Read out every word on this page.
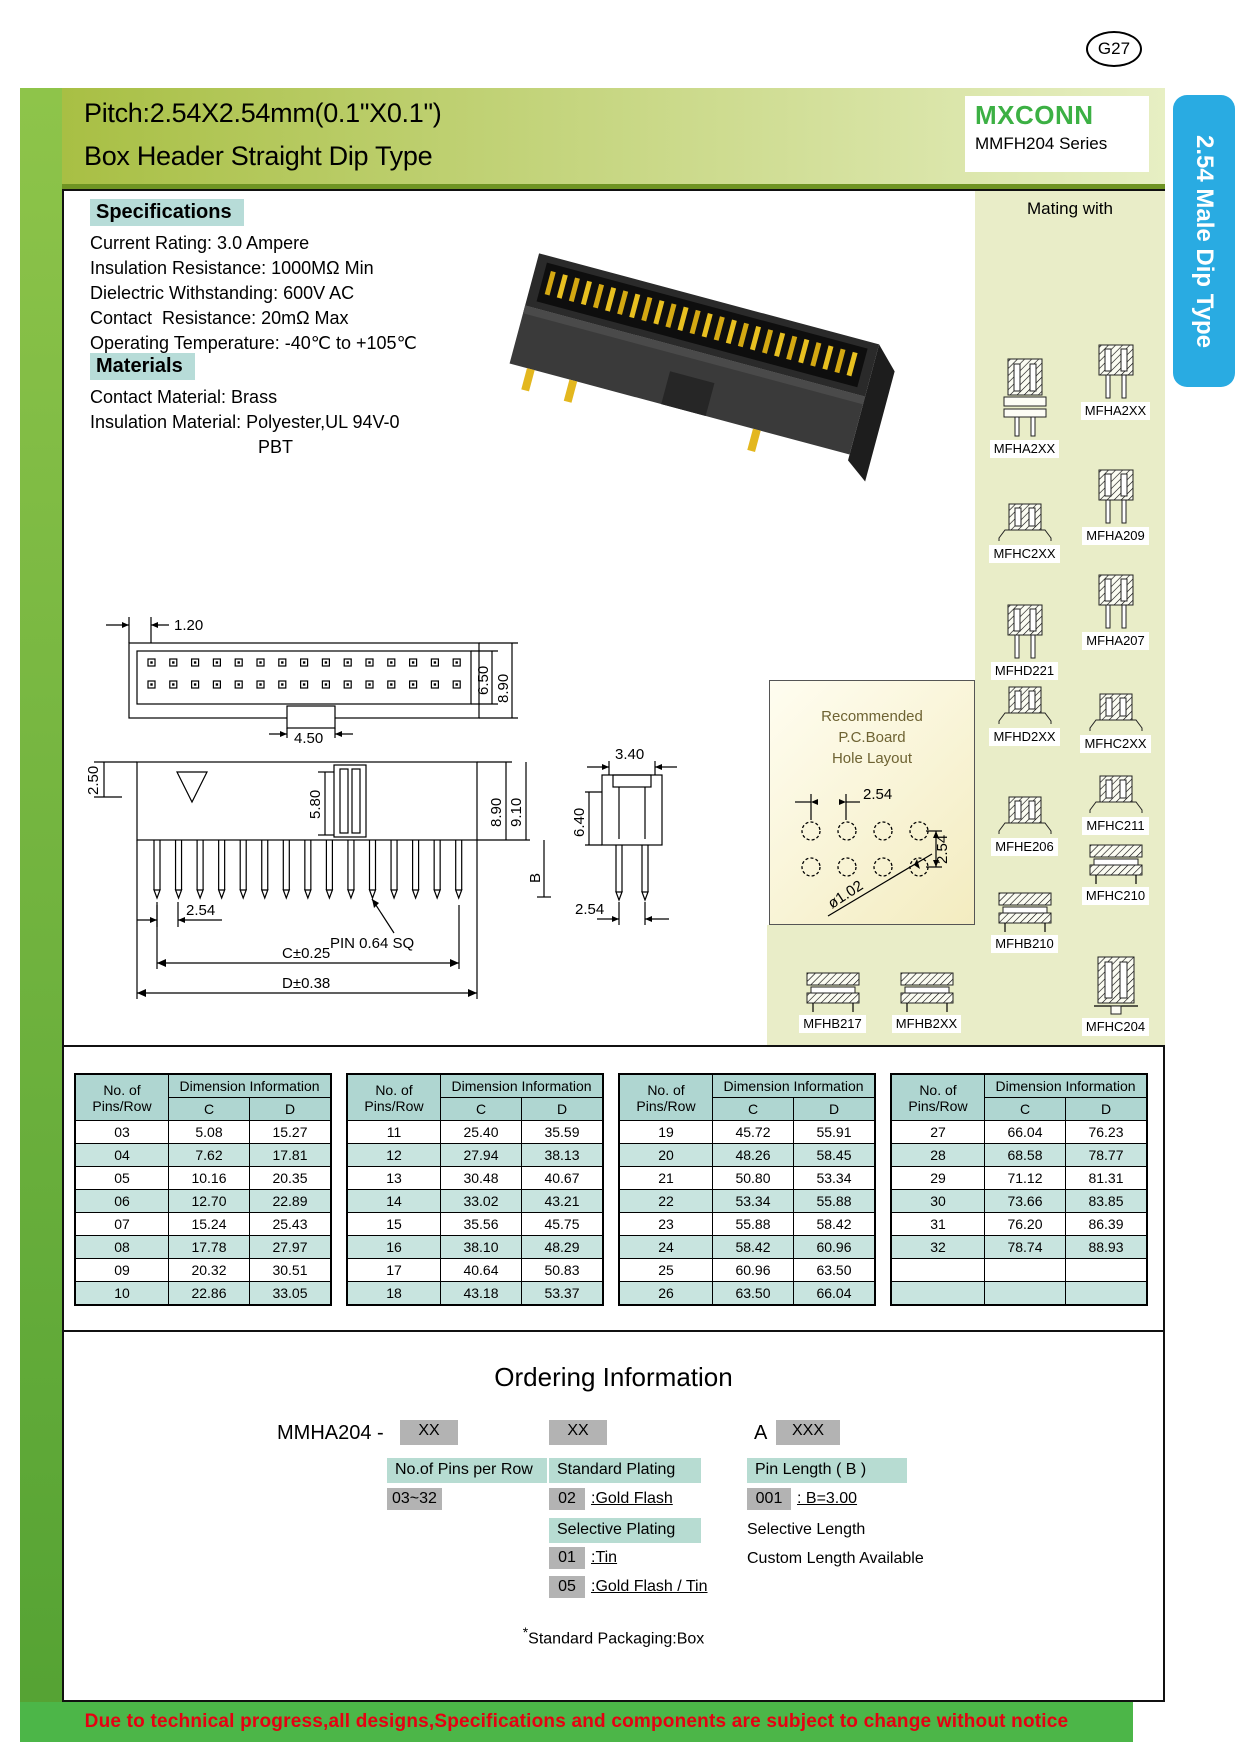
G27
Pitch:2.54X2.54mm(0.1"X0.1")
Box Header Straight Dip Type
MXCONN
MMFH204 Series	2.54 Male Dip Type
Specifications
Current Rating: 3.0 Ampere
Insulation Resistance: 1000MΩ Min
Dielectric Withstanding: 600V AC
Contact  Resistance: 20mΩ Max
Operating Temperature: -40℃ to +105℃
Materials
Contact Material: Brass
Insulation Material: Polyester,UL 94V-0
PBT
1.20
6.50 8.90
4.50
5.80
2.50
8.90 9.10
B
2.54
PIN 0.64 SQ
C±0.25
D±0.38
3.40
6.40
2.54
Recommended
P.C.Board
Hole Layout
2.54
2.54
ø1.02
Mating with
MFHA2XX
MFHC2XX
MFHD221
MFHD2XX
MFHE206
MFHB210
MFHA2XX
MFHA209
MFHA207
MFHC2XX
MFHC211
MFHC210
MFHC204
MFHB217	MFHB2XX
No. of
Pins/Row	Dimension Information	
	C	D
03	5.08	15.27
04	7.62	17.81
05	10.16	20.35
06	12.70	22.89
07	15.24	25.43
08	17.78	27.97
09	20.32	30.51
10	22.86	33.05
No. of
Pins/Row	Dimension Information	
	C	D
11	25.40	35.59
12	27.94	38.13
13	30.48	40.67
14	33.02	43.21
15	35.56	45.75
16	38.10	48.29
17	40.64	50.83
18	43.18	53.37
No. of
Pins/Row	Dimension Information	
	C	D
19	45.72	55.91
20	48.26	58.45
21	50.80	53.34
22	53.34	55.88
23	55.88	58.42
24	58.42	60.96
25	60.96	63.50
26	63.50	66.04
No. of
Pins/Row	Dimension Information	
	C	D
27	66.04	76.23
28	68.58	78.77
29	71.12	81.31
30	73.66	83.85
31	76.20	86.39
32	78.74	88.93

Ordering Information
MMHA204 -	XX	XX	A	XXX
No.of Pins per Row
03~32
Standard Plating
02 :Gold Flash
Selective Plating
01 :Tin
05 :Gold Flash / Tin
Pin Length ( B )
001 : B=3.00
Selective Length
Custom Length Available
*Standard Packaging:Box
Due to technical progress,all designs,Specifications and components are subject to change without notice
